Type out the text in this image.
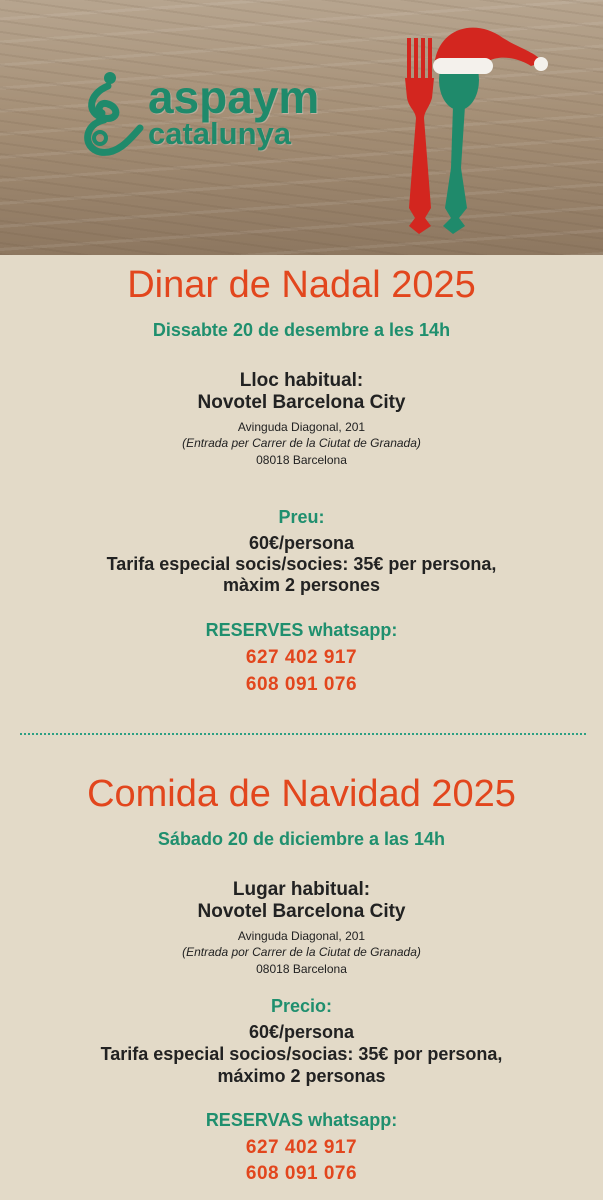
aspaym
catalunya
Dinar de Nadal 2025
Dissabte 20 de desembre a les 14h
Lloc habitual:
Novotel Barcelona City
Avinguda Diagonal, 201
(Entrada per Carrer de la Ciutat de Granada)
08018 Barcelona
Preu:
60€/persona
Tarifa especial socis/socies: 35€ per persona,
màxim 2 persones
RESERVES whatsapp:
627 402 917
608 091 076
Comida de Navidad 2025
Sábado 20 de diciembre a las 14h
Lugar habitual:
Novotel Barcelona City
Avinguda Diagonal, 201
(Entrada por Carrer de la Ciutat de Granada)
08018 Barcelona
Precio:
60€/persona
Tarifa especial socios/socias: 35€ por persona,
máximo 2 personas
RESERVAS whatsapp:
627 402 917
608 091 076
